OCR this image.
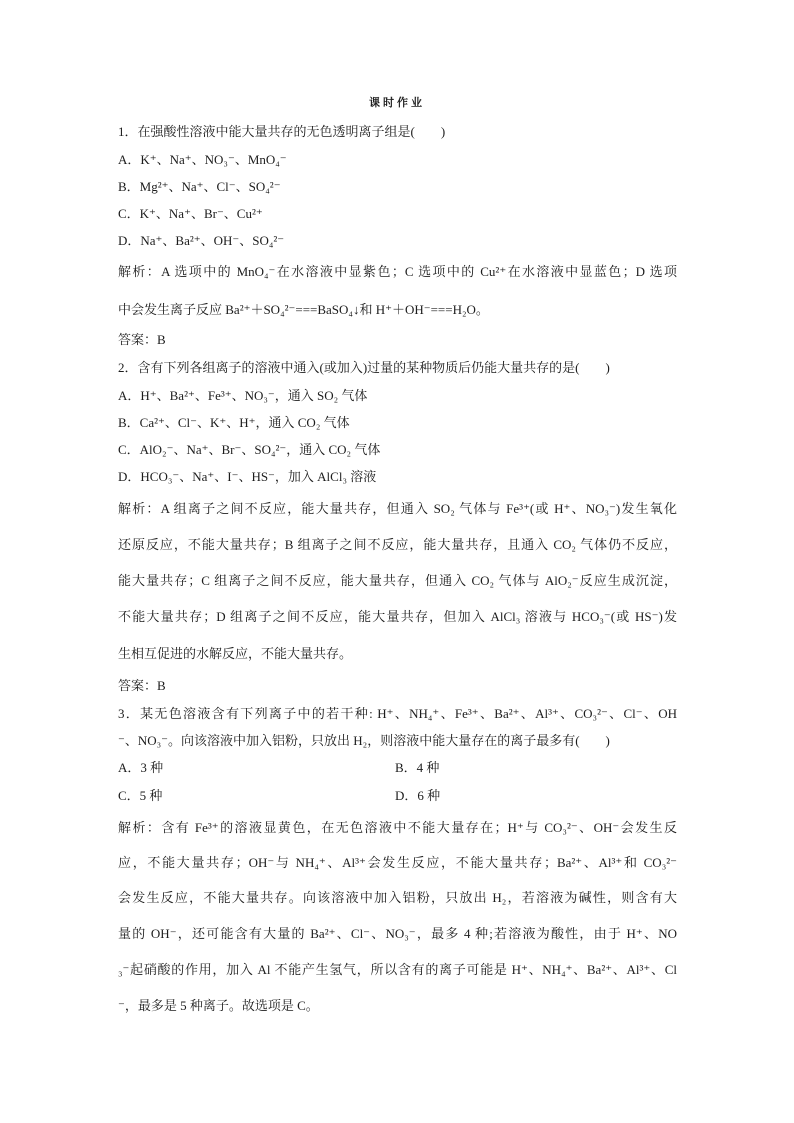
课时作业
1．在强酸性溶液中能大量共存的无色透明离子组是(　　)
A．K⁺、Na⁺、NO₃⁻、MnO₄⁻
B．Mg²⁺、Na⁺、Cl⁻、SO₄²⁻
C．K⁺、Na⁺、Br⁻、Cu²⁺
D．Na⁺、Ba²⁺、OH⁻、SO₄²⁻
解析：A 选项中的 MnO₄⁻在水溶液中显紫色；C 选项中的 Cu²⁺在水溶液中显蓝色；D 选项
中会发生离子反应 Ba²⁺＋SO₄²⁻===BaSO₄↓和 H⁺＋OH⁻===H₂O。
答案：B
2．含有下列各组离子的溶液中通入(或加入)过量的某种物质后仍能大量共存的是(　　)
A．H⁺、Ba²⁺、Fe³⁺、NO₃⁻，通入 SO₂ 气体
B．Ca²⁺、Cl⁻、K⁺、H⁺，通入 CO₂ 气体
C．AlO₂⁻、Na⁺、Br⁻、SO₄²⁻，通入 CO₂ 气体
D．HCO₃⁻、Na⁺、I⁻、HS⁻，加入 AlCl₃ 溶液
解析：A 组离子之间不反应，能大量共存，但通入 SO₂ 气体与 Fe³⁺(或 H⁺、NO₃⁻)发生氧化
还原反应，不能大量共存；B 组离子之间不反应，能大量共存，且通入 CO₂ 气体仍不反应，
能大量共存；C 组离子之间不反应，能大量共存，但通入 CO₂ 气体与 AlO₂⁻反应生成沉淀，
不能大量共存；D 组离子之间不反应，能大量共存，但加入 AlCl₃ 溶液与 HCO₃⁻(或 HS⁻)发
生相互促进的水解反应，不能大量共存。
答案：B
3．某无色溶液含有下列离子中的若干种: H⁺、NH₄⁺、Fe³⁺、Ba²⁺、Al³⁺、CO₃²⁻、Cl⁻、OH
⁻、NO₃⁻。向该溶液中加入铝粉，只放出 H₂，则溶液中能大量存在的离子最多有(　　)
A．3 种	B．4 种
C．5 种	D．6 种
解析：含有 Fe³⁺的溶液显黄色，在无色溶液中不能大量存在；H⁺与 CO₃²⁻、OH⁻会发生反
应，不能大量共存；OH⁻与 NH₄⁺、Al³⁺会发生反应，不能大量共存；Ba²⁺、Al³⁺和 CO₃²⁻
会发生反应，不能大量共存。向该溶液中加入铝粉，只放出 H₂，若溶液为碱性，则含有大
量的 OH⁻，还可能含有大量的 Ba²⁺、Cl⁻、NO₃⁻，最多 4 种;若溶液为酸性，由于 H⁺、NO
₃⁻起硝酸的作用，加入 Al 不能产生氢气，所以含有的离子可能是 H⁺、NH₄⁺、Ba²⁺、Al³⁺、Cl
⁻，最多是 5 种离子。故选项是 C。
